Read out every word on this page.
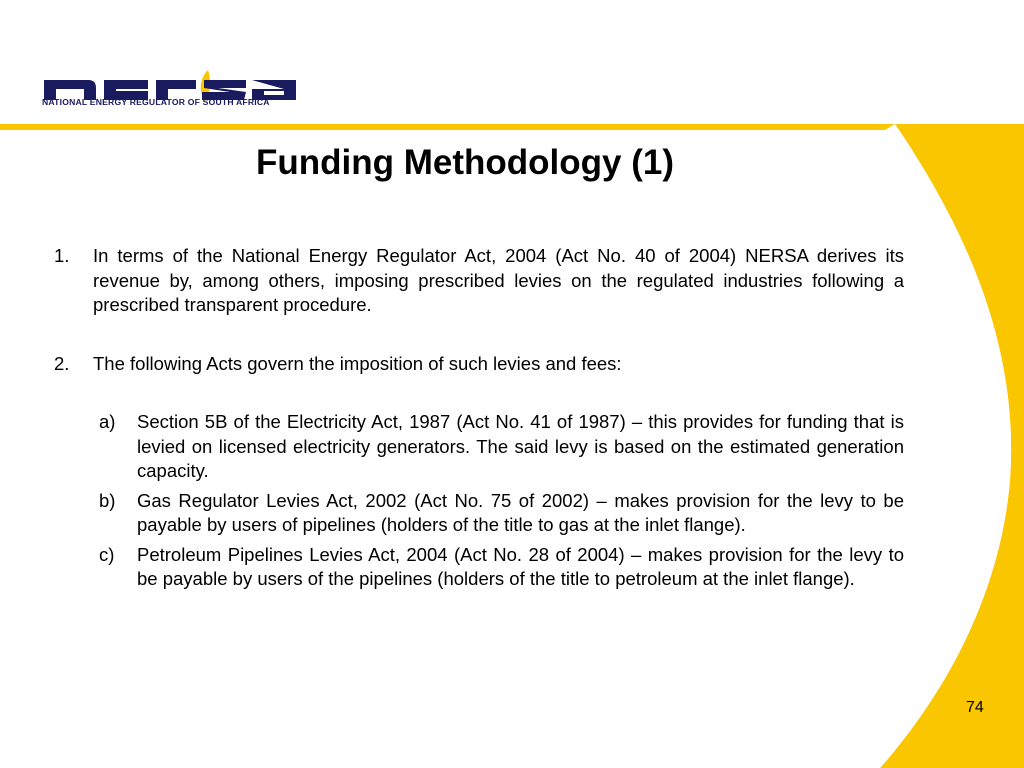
NATIONAL ENERGY REGULATOR OF SOUTH AFRICA
Funding Methodology (1)
1. In terms of the National Energy Regulator Act, 2004 (Act No. 40 of 2004) NERSA derives its revenue by, among others, imposing prescribed levies on the regulated industries following a prescribed transparent procedure.
2. The following Acts govern the imposition of such levies and fees:
a) Section 5B of the Electricity Act, 1987 (Act No. 41 of 1987) – this provides for funding that is levied on licensed electricity generators. The said levy is based on the estimated generation capacity.
b) Gas Regulator Levies Act, 2002 (Act No. 75 of 2002) – makes provision for the levy to be payable by users of pipelines (holders of the title to gas at the inlet flange).
c) Petroleum Pipelines Levies Act, 2004 (Act No. 28 of 2004) – makes provision for the levy to be payable by users of the pipelines (holders of the title to petroleum at the inlet flange).
74
